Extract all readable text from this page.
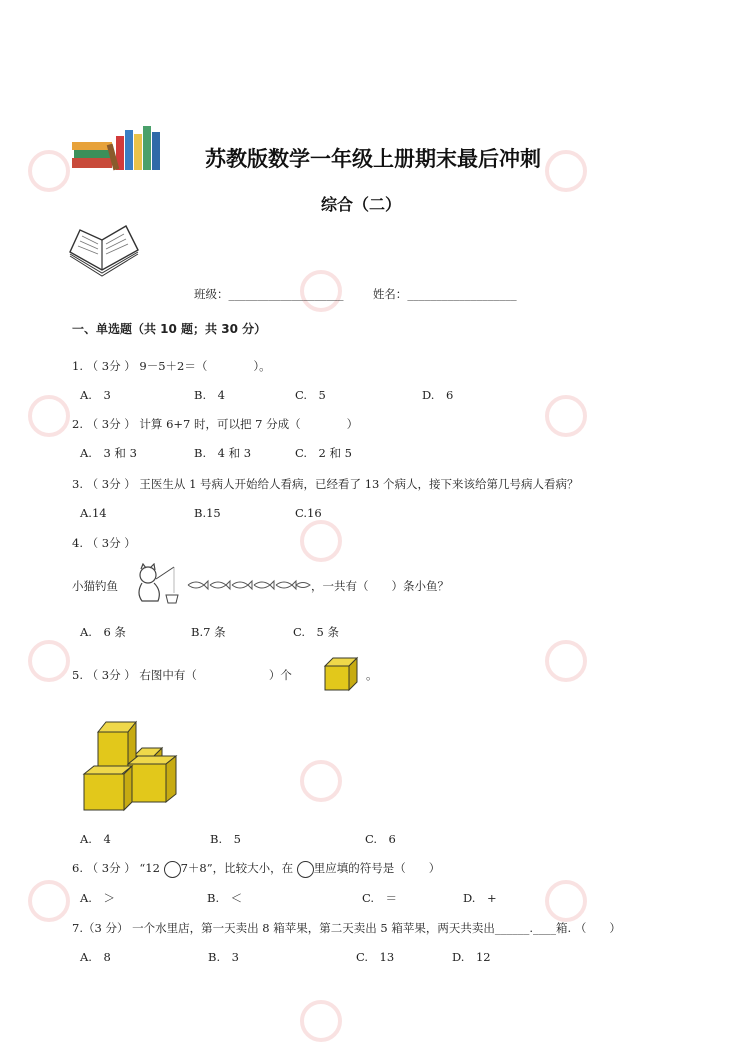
苏教版数学一年级上册期末最后冲刺
综合（二）
班级：____________________	姓名：___________________
一、单选题（共 10 题；共 30 分）
1. （ 3分 ） 9－5＋2＝（　　　　）。
A.　3	B.　4	C.　5	D.　6
2. （ 3分 ） 计算 6+7 时，可以把 7 分成（　　　　）
A.　3 和 3	B.　4 和 3	C.　2 和 5
3. （ 3分 ） 王医生从 1 号病人开始给人看病，已经看了 13 个病人，接下来该给第几号病人看病？
A.14	B.15	C.16
4. （ 3分 ）
小猫钓鱼	，一共有（　　）条小鱼？
A.　6 条	B.7 条	C.　5 条
5. （ 3分 ） 右图中有（	）个	。
A.　4	B.　5	C.　6
6. （ 3分 ） “12 7＋8”，比较大小，在 里应填的符号是（　　）
A.　＞	B.　＜	C.　＝	D.　+
7.（3 分） 一个水里店，第一天卖出 8 箱苹果，第二天卖出 5 箱苹果，两天共卖出______.____箱. （　　）
A.　8	B.　3	C.　13	D.　12
